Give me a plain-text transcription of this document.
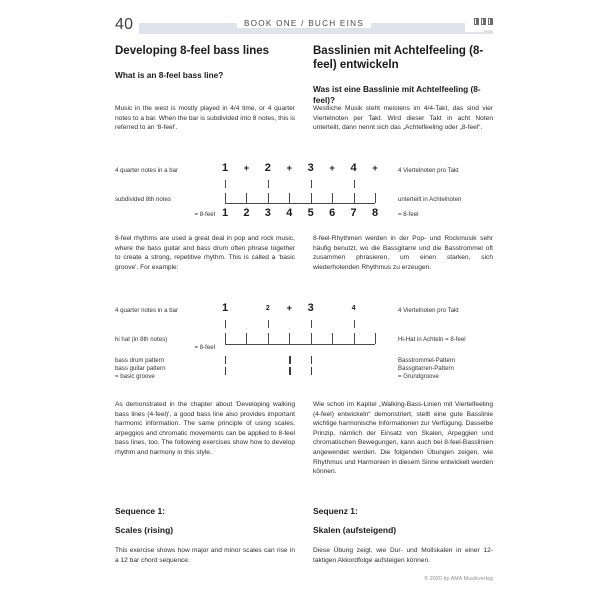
40	BOOK ONE / BUCH EINS
Verlag
Developing 8-feel bass lines
What is an 8-feel bass line?
Basslinien mit Achtelfeeling (8-feel) entwickeln
Was ist eine Basslinie mit Achtelfeeling (8-feel)?

Music in the west is mostly played in 4/4 time, or 4 quarter notes to a bar. When the bar is subdivided into 8 notes, this is referred to an '8-feel'.

Westliche Musik steht meistens im 4/4-Takt, das sind vier Viertelnoten per Takt. Wird dieser Takt in acht Noten unterteilt, dann nennt sich das „Achtelfeeling oder „8-feel“.

4 quarter notes in a bar	4 Viertelnoten pro Takt
subdivided 8th notes	unterteilt in Achtelnoten
= 8-feel	= 8-feel
1	+	2	+	3	+	4	+
1	2	3	4	5	6	7	8

8-feel rhythms are used a great deal in pop and rock music, where the bass guitar and bass drum often phrase together to create a strong, repetitive rhythm. This is called a 'basic groove'. For example:

8-feel-Rhythmen werden in der Pop- und Rockmusik sehr häufig benutzt, wo die Bassgitarre und die Basstrommel oft zusammen phrasieren, um einen starken, sich wiederholenden Rhythmus zu erzeugen.

4 quarter notes in a bar	4 Viertelnoten pro Takt
hi hat (in 8th notes)
= 8-feel
Hi-Hat in Achteln = 8-feel
bass drum pattern	Basstrommel-Pattern
bass guitar pattern	Bassgitarren-Pattern
= basic groove	= Grundgroove
1	2	+	3	4

As demonstrated in the chapter about 'Developing walking bass lines (4-feel)', a good bass line also provides important harmonic information. The same principle of using scales, arpeggios and chromatic movements can be applied to 8-feel bass lines, too. The following exercises show how to develop rhythm and harmony in this style.

Wie schon im Kapitel „Walking-Bass-Linien mit Viertelfeeling (4-feel) entwickeln“ demonstriert, stellt eine gute Basslinie wichtige harmonische Informationen zur Verfügung. Dasselbe Prinzip, nämlich der Einsatz von Skalen, Arpeggien und chromatischen Bewegungen, kann auch bei 8-feel-Basslinien angewendet werden. Die folgenden Übungen zeigen, wie Rhythmus und Harmonien in diesem Sinne entwickelt werden können.

Sequence 1:
Scales (rising)

This exercise shows how major and minor scales can rise in a 12 bar chord sequence.

Sequenz 1:
Skalen (aufsteigend)

Diese Übung zeigt, wie Dur- und Mollskalen in einer 12-taktigen Akkordfolge aufsteigen können.

© 2020 by AMA Musikverlag
